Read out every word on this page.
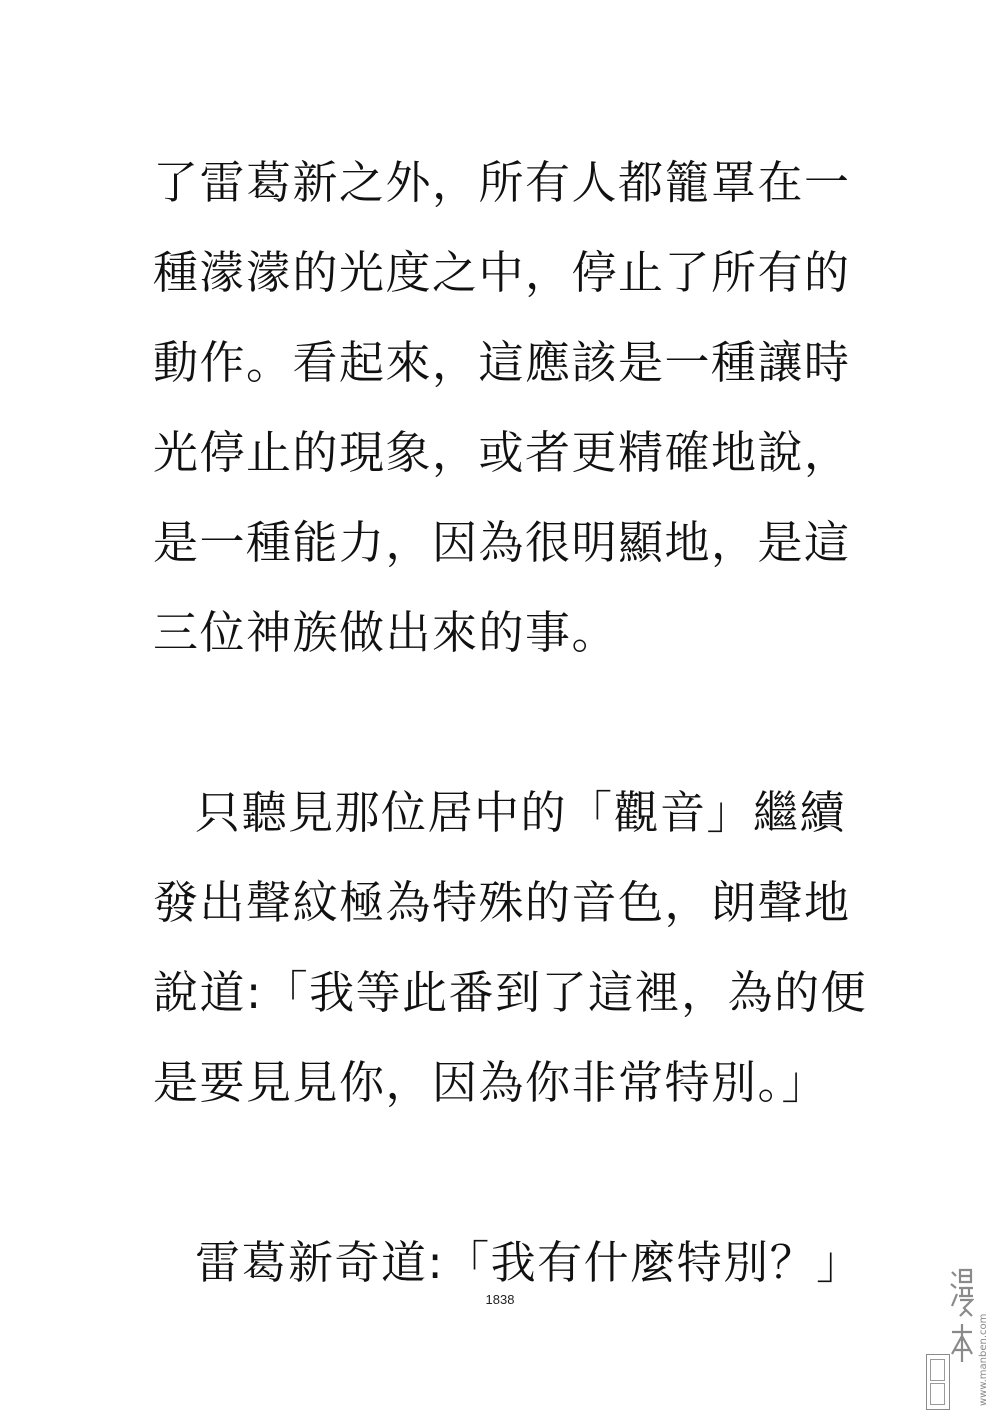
了雷葛新之外，所有人都籠罩在一
種濛濛的光度之中，停止了所有的
動作。看起來，這應該是一種讓時
光停止的現象，或者更精確地說，
是一種能力，因為很明顯地，是這
三位神族做出來的事。
只聽見那位居中的「觀音」繼續
發出聲紋極為特殊的音色，朗聲地
說道:「我等此番到了這裡，為的便
是要見見你，因為你非常特別。」
雷葛新奇道:「我有什麼特別？」
1838
www.manben.com
